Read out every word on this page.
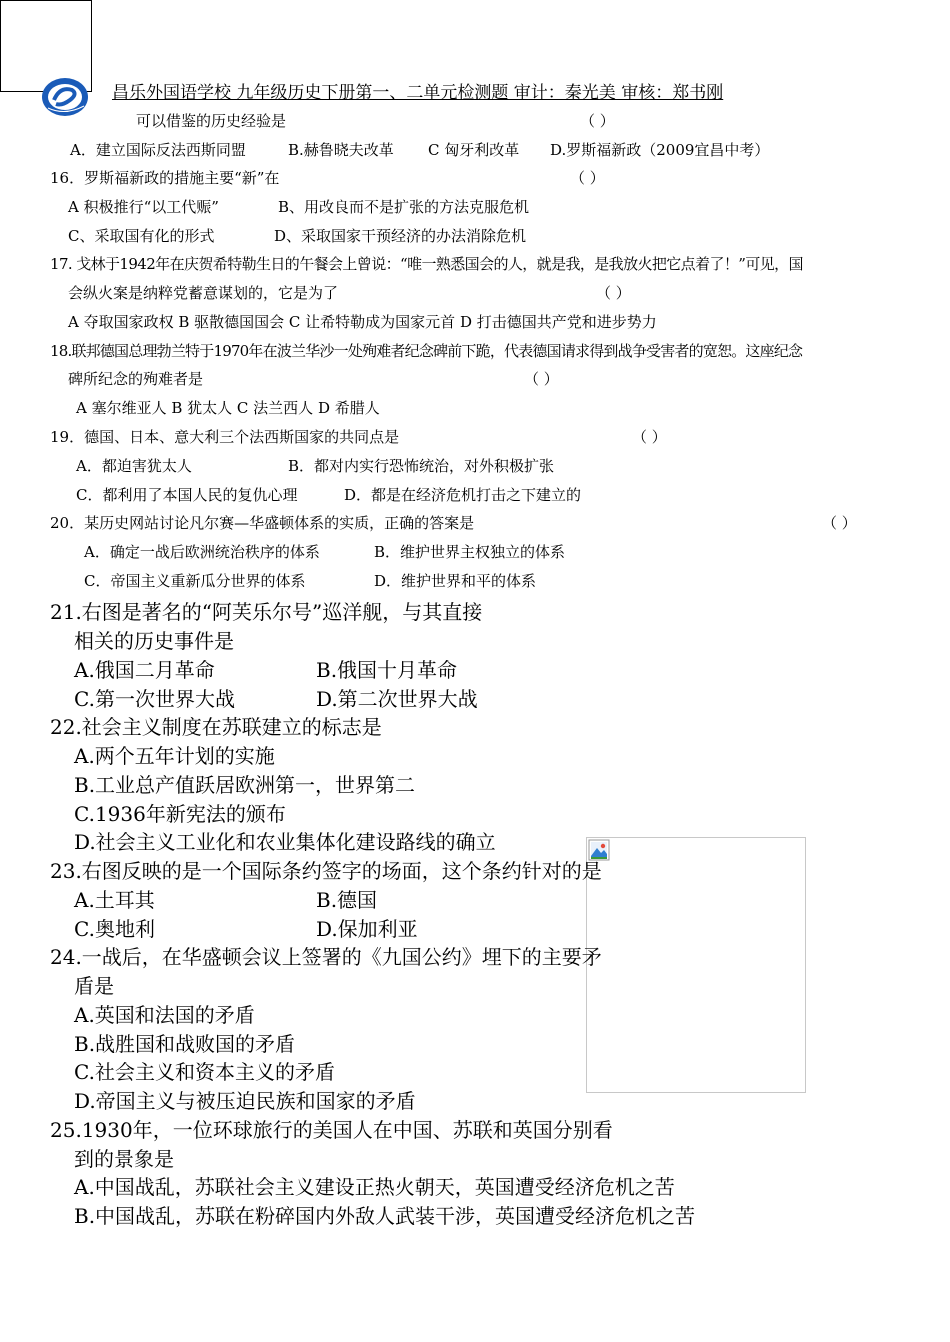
昌乐外国语学校 九年级历史下册第一、二单元检测题 审计：秦光美 审核：郑书刚
可以借鉴的历史经验是	（ ）
A．建立国际反法西斯同盟	B.赫鲁晓夫改革 C 匈牙利改革 D.罗斯福新政（2009宜昌中考）
16．罗斯福新政的措施主要“新”在	（ ）
A 积极推行“以工代赈”	B、用改良而不是扩张的方法克服危机
C、采取国有化的形式	D、采取国家干预经济的办法消除危机
17. 戈林于1942年在庆贺希特勒生日的午餐会上曾说：“唯一熟悉国会的人，就是我，是我放火把它点着了！”可见，国
会纵火案是纳粹党蓄意谋划的，它是为了	（ ）
A 夺取国家政权 B 驱散德国国会 C 让希特勒成为国家元首 D 打击德国共产党和进步势力
18.联邦德国总理勃兰特于1970年在波兰华沙一处殉难者纪念碑前下跪，代表德国请求得到战争受害者的宽恕。这座纪念
碑所纪念的殉难者是	（ ）
A 塞尔维亚人 B 犹太人 C 法兰西人 D 希腊人
19．德国、日本、意大利三个法西斯国家的共同点是	（ ）
A．都迫害犹太人	B．都对内实行恐怖统治，对外积极扩张
C．都利用了本国人民的复仇心理	D．都是在经济危机打击之下建立的
20．某历史网站讨论凡尔赛—华盛顿体系的实质，正确的答案是	（ ）
A．确定一战后欧洲统治秩序的体系	B．维护世界主权独立的体系
C．帝国主义重新瓜分世界的体系	D．维护世界和平的体系
21.右图是著名的“阿芙乐尔号”巡洋舰，与其直接
相关的历史事件是
A.俄国二月革命	B.俄国十月革命
C.第一次世界大战	D.第二次世界大战
22.社会主义制度在苏联建立的标志是
A.两个五年计划的实施
B.工业总产值跃居欧洲第一，世界第二
C.1936年新宪法的颁布
D.社会主义工业化和农业集体化建设路线的确立
23.右图反映的是一个国际条约签字的场面，这个条约针对的是
A.土耳其	B.德国
C.奥地利	D.保加利亚
24.一战后，在华盛顿会议上签署的《九国公约》埋下的主要矛
盾是
A.英国和法国的矛盾
B.战胜国和战败国的矛盾
C.社会主义和资本主义的矛盾
D.帝国主义与被压迫民族和国家的矛盾
25.1930年，一位环球旅行的美国人在中国、苏联和英国分别看
到的景象是
A.中国战乱，苏联社会主义建设正热火朝天，英国遭受经济危机之苦
B.中国战乱，苏联在粉碎国内外敌人武装干涉，英国遭受经济危机之苦
